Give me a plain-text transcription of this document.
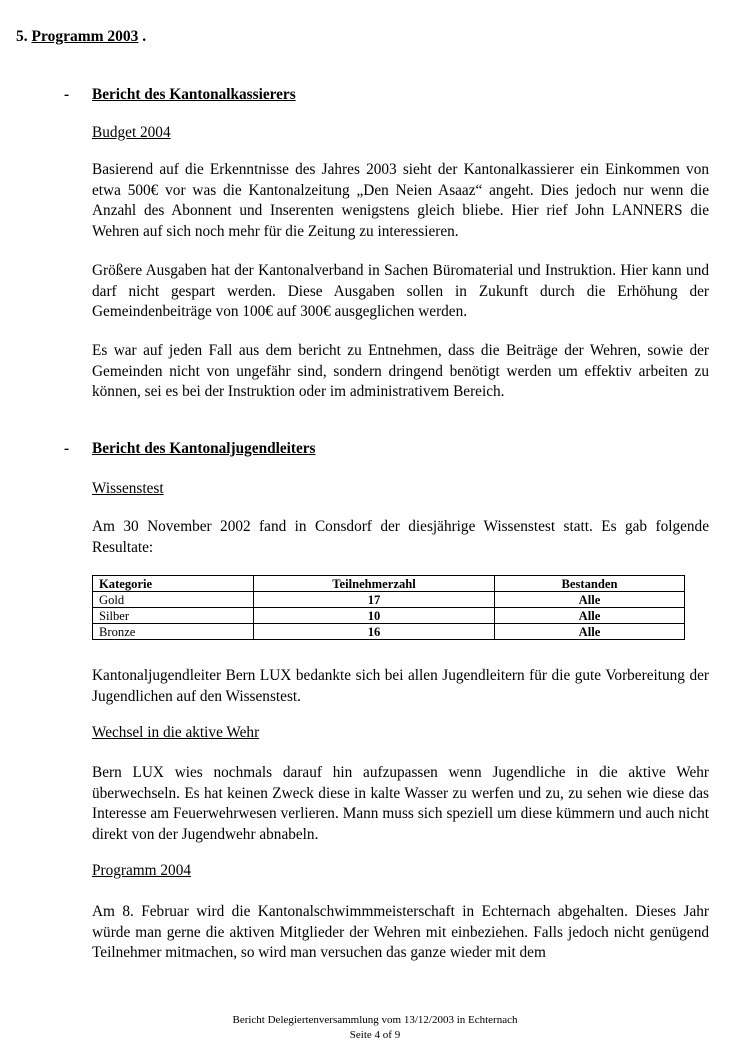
5. Programm 2003 .
- Bericht des Kantonalkassierers
Budget 2004

Basierend auf die Erkenntnisse des Jahres 2003 sieht der Kantonalkassierer ein Einkommen von etwa 500€ vor was die Kantonalzeitung „Den Neien Asaaz“ angeht. Dies jedoch nur wenn die Anzahl des Abonnent und Inserenten wenigstens gleich bliebe. Hier rief John LANNERS die Wehren auf sich noch mehr für die Zeitung zu interessieren.

Größere Ausgaben hat der Kantonalverband in Sachen Büromaterial und Instruktion. Hier kann und darf nicht gespart werden. Diese Ausgaben sollen in Zukunft durch die Erhöhung der Gemeindenbeiträge von 100€ auf 300€ ausgeglichen werden.

Es war auf jeden Fall aus dem bericht zu Entnehmen, dass die Beiträge der Wehren, sowie der Gemeinden nicht von ungefähr sind, sondern dringend benötigt werden um effektiv arbeiten zu können, sei es bei der Instruktion oder im administrativem Bereich.

- Bericht des Kantonaljugendleiters
Wissenstest

Am 30 November 2002 fand in Consdorf der diesjährige Wissenstest statt. Es gab folgende Resultate:

Kategorie	Teilnehmerzahl	Bestanden
Gold	17	Alle
Silber	10	Alle
Bronze	16	Alle

Kantonaljugendleiter Bern LUX bedankte sich bei allen Jugendleitern für die gute Vorbereitung der Jugendlichen auf den Wissenstest.

Wechsel in die aktive Wehr

Bern LUX wies nochmals darauf hin aufzupassen wenn Jugendliche in die aktive Wehr überwechseln. Es hat keinen Zweck diese in kalte Wasser zu werfen und zu, zu sehen wie diese das Interesse am Feuerwehrwesen verlieren. Mann muss sich speziell um diese kümmern und auch nicht direkt von der Jugendwehr abnabeln.

Programm 2004

Am 8. Februar wird die Kantonalschwimmmeisterschaft in Echternach abgehalten. Dieses Jahr würde man gerne die aktiven Mitglieder der Wehren mit einbeziehen. Falls jedoch nicht genügend Teilnehmer mitmachen, so wird man versuchen das ganze wieder mit dem

Bericht Delegiertenversammlung vom 13/12/2003 in Echternach
Seite 4 of 9
